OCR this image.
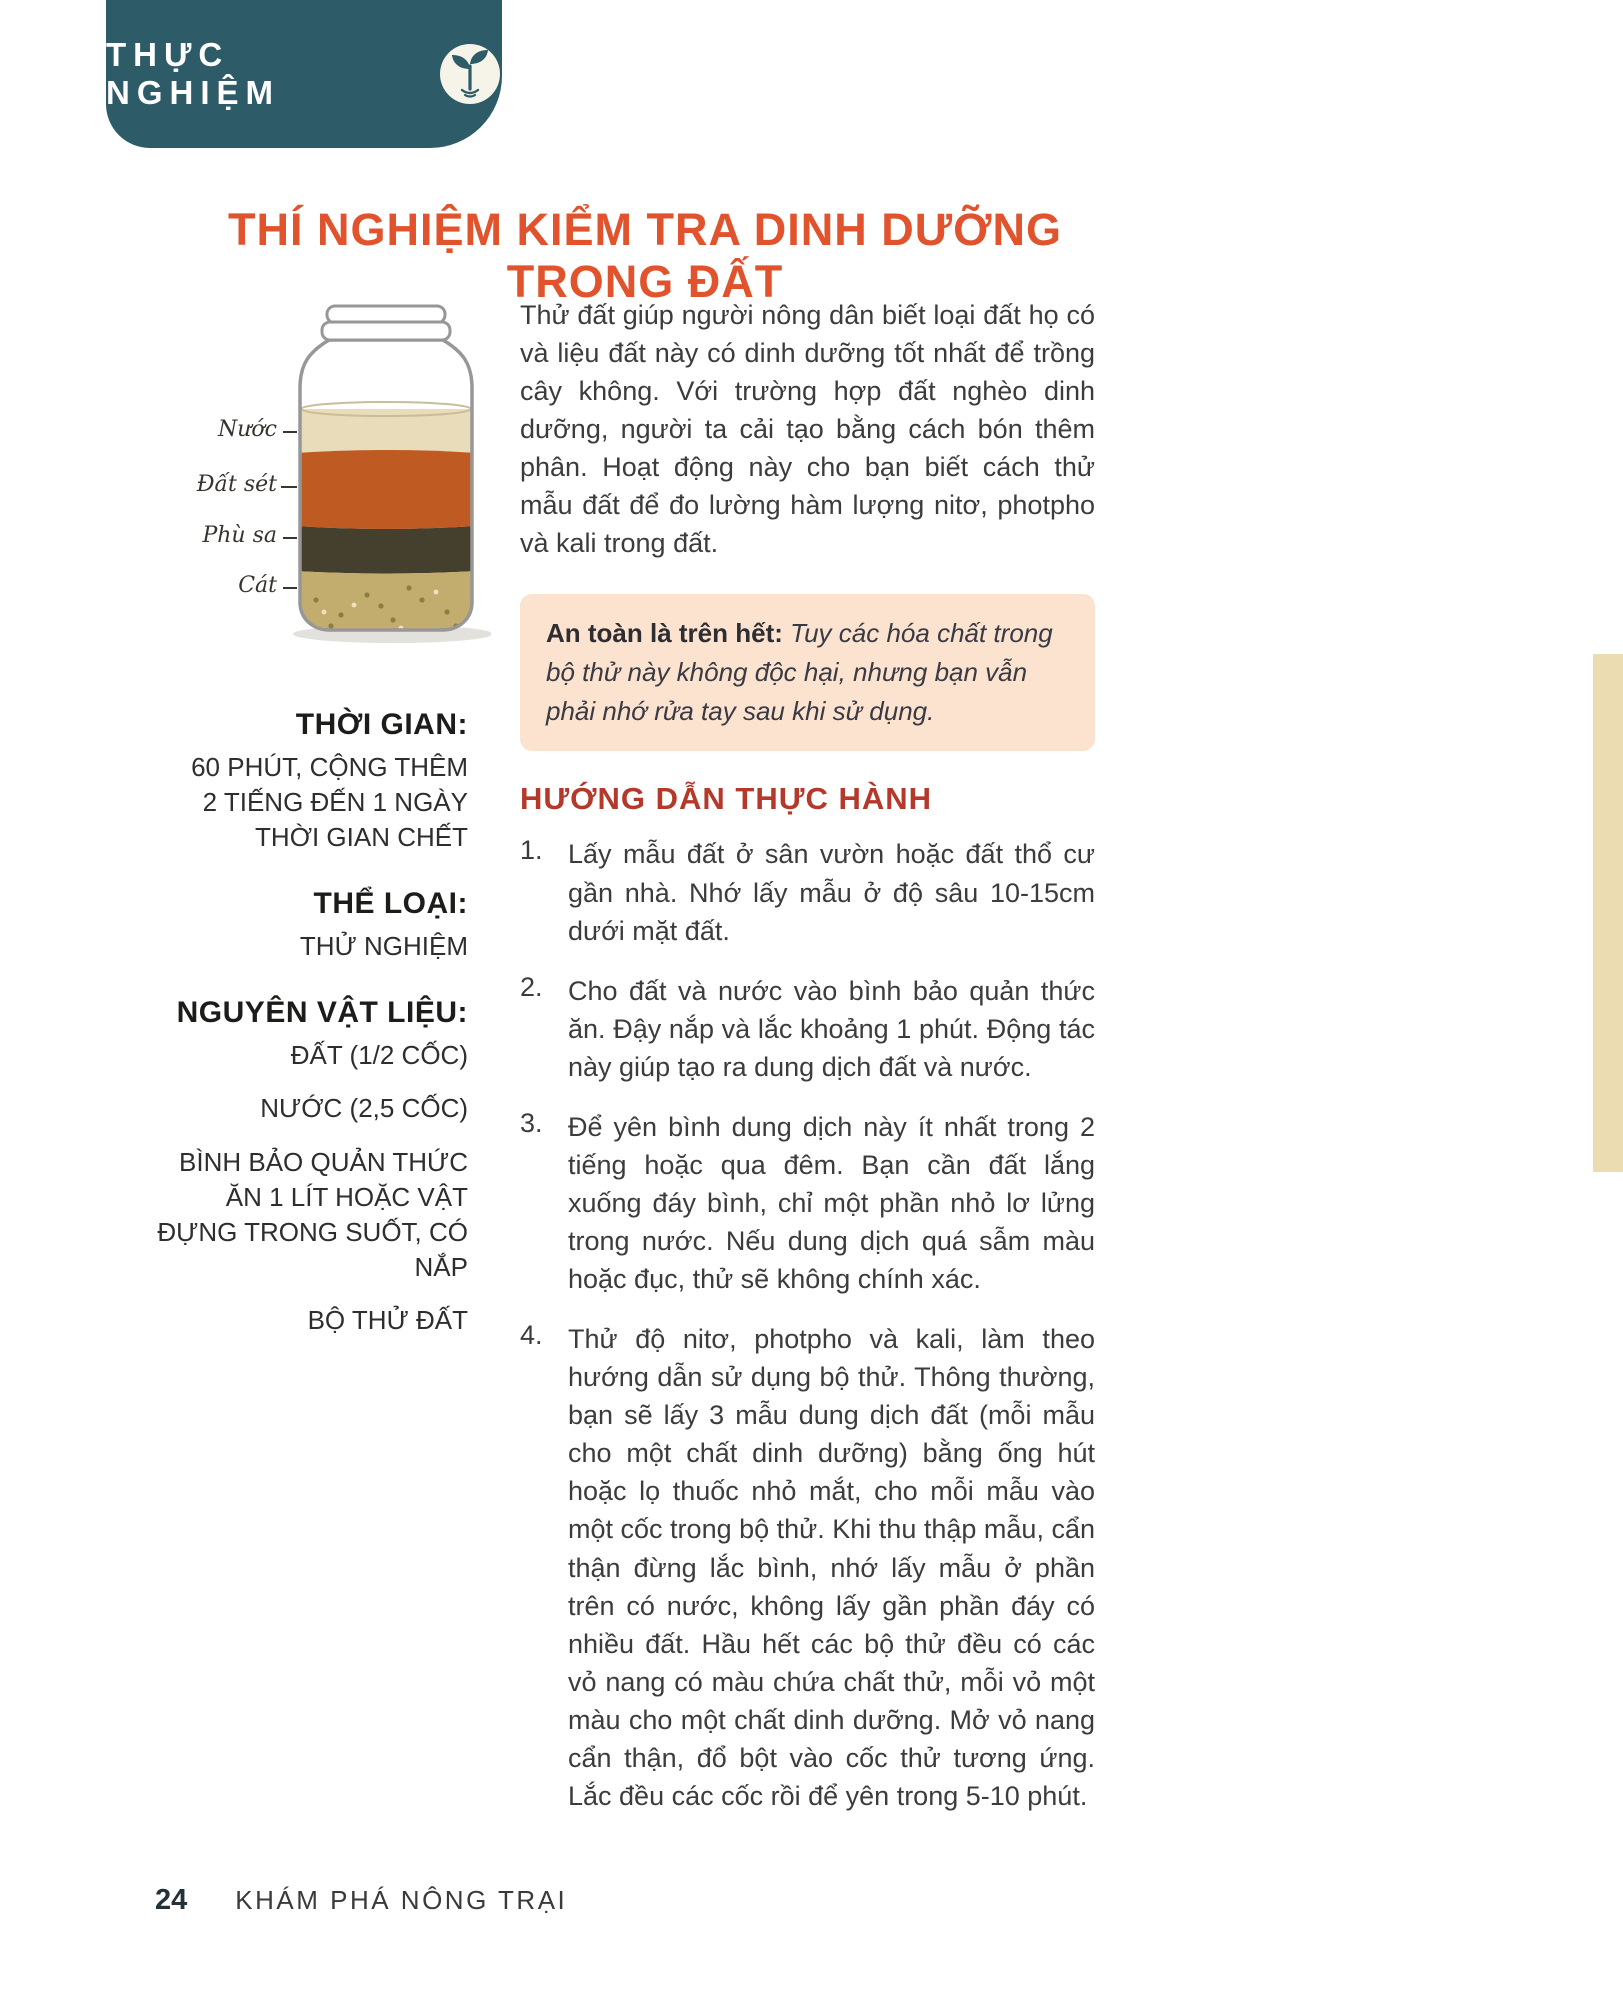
THỰC NGHIỆM
THÍ NGHIỆM KIỂM TRA DINH DƯỠNG TRONG ĐẤT
Nước
Đất sét
Phù sa
Cát
THỜI GIAN:
60 PHÚT, CỘNG THÊM
2 TIẾNG ĐẾN 1 NGÀY
THỜI GIAN CHẾT
THỂ LOẠI:
THỬ NGHIỆM
NGUYÊN VẬT LIỆU:
ĐẤT (1/2 CỐC)
NƯỚC (2,5 CỐC)
BÌNH BẢO QUẢN THỨC ĂN 1 LÍT HOẶC VẬT ĐỰNG TRONG SUỐT, CÓ NẮP
BỘ THỬ ĐẤT

Thử đất giúp người nông dân biết loại đất họ có và liệu đất này có dinh dưỡng tốt nhất để trồng cây không. Với trường hợp đất nghèo dinh dưỡng, người ta cải tạo bằng cách bón thêm phân. Hoạt động này cho bạn biết cách thử mẫu đất để đo lường hàm lượng nitơ, photpho và kali trong đất.

An toàn là trên hết: Tuy các hóa chất trong bộ thử này không độc hại, nhưng bạn vẫn phải nhớ rửa tay sau khi sử dụng.
HƯỚNG DẪN THỰC HÀNH
1. Lấy mẫu đất ở sân vườn hoặc đất thổ cư gần nhà. Nhớ lấy mẫu ở độ sâu 10-15cm dưới mặt đất.
2. Cho đất và nước vào bình bảo quản thức ăn. Đậy nắp và lắc khoảng 1 phút. Động tác này giúp tạo ra dung dịch đất và nước.
3. Để yên bình dung dịch này ít nhất trong 2 tiếng hoặc qua đêm. Bạn cần đất lắng xuống đáy bình, chỉ một phần nhỏ lơ lửng trong nước. Nếu dung dịch quá sẫm màu hoặc đục, thử sẽ không chính xác.
4. Thử độ nitơ, photpho và kali, làm theo hướng dẫn sử dụng bộ thử. Thông thường, bạn sẽ lấy 3 mẫu dung dịch đất (mỗi mẫu cho một chất dinh dưỡng) bằng ống hút hoặc lọ thuốc nhỏ mắt, cho mỗi mẫu vào một cốc trong bộ thử. Khi thu thập mẫu, cẩn thận đừng lắc bình, nhớ lấy mẫu ở phần trên có nước, không lấy gần phần đáy có nhiều đất. Hầu hết các bộ thử đều có các vỏ nang có màu chứa chất thử, mỗi vỏ một màu cho một chất dinh dưỡng. Mở vỏ nang cẩn thận, đổ bột vào cốc thử tương ứng. Lắc đều các cốc rồi để yên trong 5-10 phút.
24 KHÁM PHÁ NÔNG TRẠI
